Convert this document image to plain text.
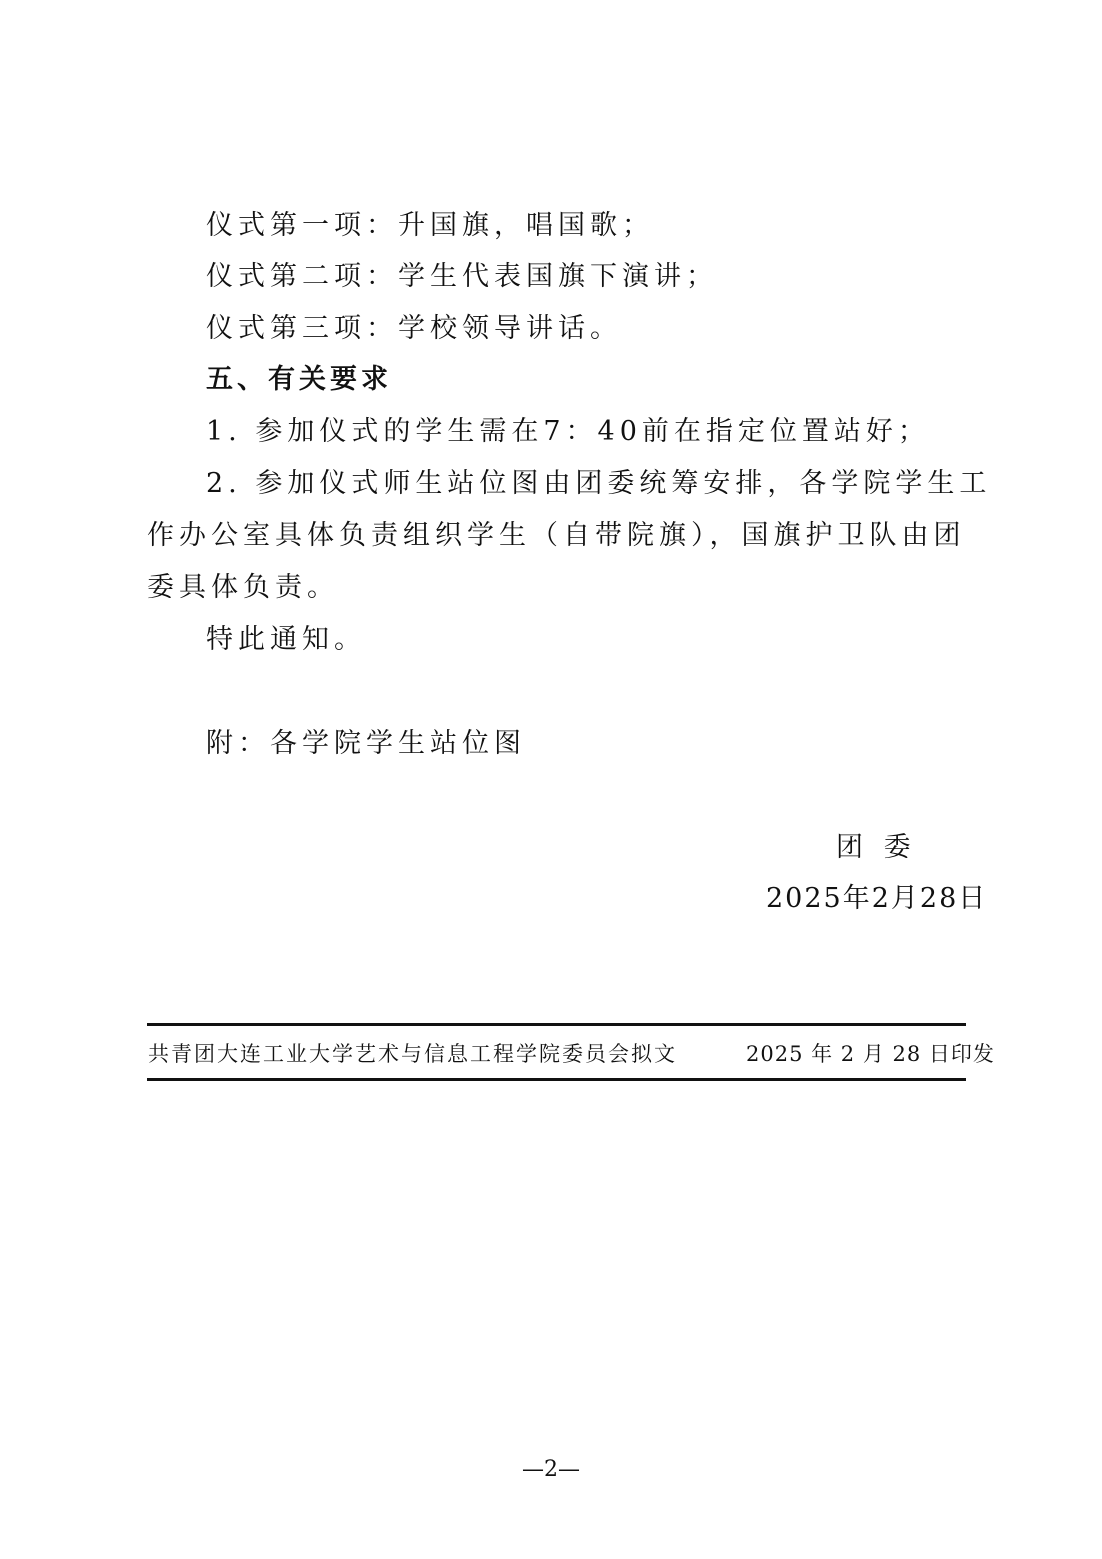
仪式第一项：升国旗，唱国歌；
仪式第二项：学生代表国旗下演讲；
仪式第三项：学校领导讲话。
五、有关要求
1. 参加仪式的学生需在7：40前在指定位置站好；
2. 参加仪式师生站位图由团委统筹安排，各学院学生工
作办公室具体负责组织学生（自带院旗），国旗护卫队由团
委具体负责。
特此通知。
附：各学院学生站位图
团 委
2025年2月28日
共青团大连工业大学艺术与信息工程学院委员会拟文	2025 年 2 月 28 日印发
—2—
